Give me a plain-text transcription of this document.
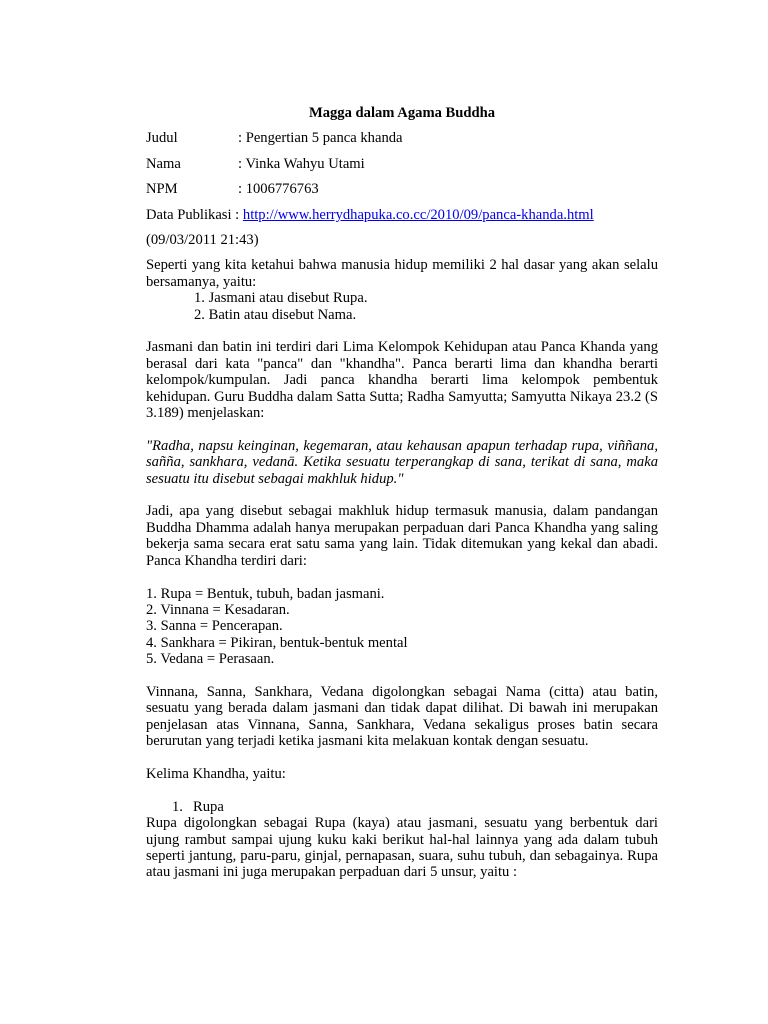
Magga dalam Agama Buddha

Judul	: Pengertian 5 panca khanda
Nama	: Vinka Wahyu Utami
NPM	: 1006776763
Data Publikasi : http://www.herrydhapuka.co.cc/2010/09/panca-khanda.html

(09/03/2011 21:43)

Seperti yang kita ketahui bahwa manusia hidup memiliki 2 hal dasar yang akan selalu bersamanya, yaitu:

1. Jasmani atau disebut Rupa.

2. Batin atau disebut Nama.

Jasmani dan batin ini terdiri dari Lima Kelompok Kehidupan atau Panca Khanda yang berasal dari kata "panca" dan "khandha". Panca berarti lima dan khandha berarti kelompok/kumpulan. Jadi panca khandha berarti lima kelompok pembentuk kehidupan. Guru Buddha dalam Satta Sutta; Radha Samyutta; Samyutta Nikaya 23.2 (S 3.189) menjelaskan:

"Radha, napsu keinginan, kegemaran, atau kehausan apapun terhadap rupa, viññana, saññа, sankhara, vedanā. Ketika sesuatu terperangkap di sana, terikat di sana, maka sesuatu itu disebut sebagai makhluk hidup."

Jadi, apa yang disebut sebagai makhluk hidup termasuk manusia, dalam pandangan Buddha Dhamma adalah hanya merupakan perpaduan dari Panca Khandha yang saling bekerja sama secara erat satu sama yang lain. Tidak ditemukan yang kekal dan abadi. Panca Khandha terdiri dari:

1. Rupa = Bentuk, tubuh, badan jasmani.

2. Vinnana = Kesadaran.

3. Sanna = Pencerapan.

4. Sankhara = Pikiran, bentuk-bentuk mental

5. Vedana = Perasaan.

Vinnana, Sanna, Sankhara, Vedana digolongkan sebagai Nama (citta) atau batin, sesuatu yang berada dalam jasmani dan tidak dapat dilihat. Di bawah ini merupakan penjelasan atas Vinnana, Sanna, Sankhara, Vedana sekaligus proses batin secara berurutan yang terjadi ketika jasmani kita melakuan kontak dengan sesuatu.

Kelima Khandha, yaitu:

1. Rupa

Rupa digolongkan sebagai Rupa (kaya) atau jasmani, sesuatu yang berbentuk dari ujung rambut sampai ujung kuku kaki berikut hal-hal lainnya yang ada dalam tubuh seperti jantung, paru-paru, ginjal, pernapasan, suara, suhu tubuh, dan sebagainya. Rupa atau jasmani ini juga merupakan perpaduan dari 5 unsur, yaitu :
